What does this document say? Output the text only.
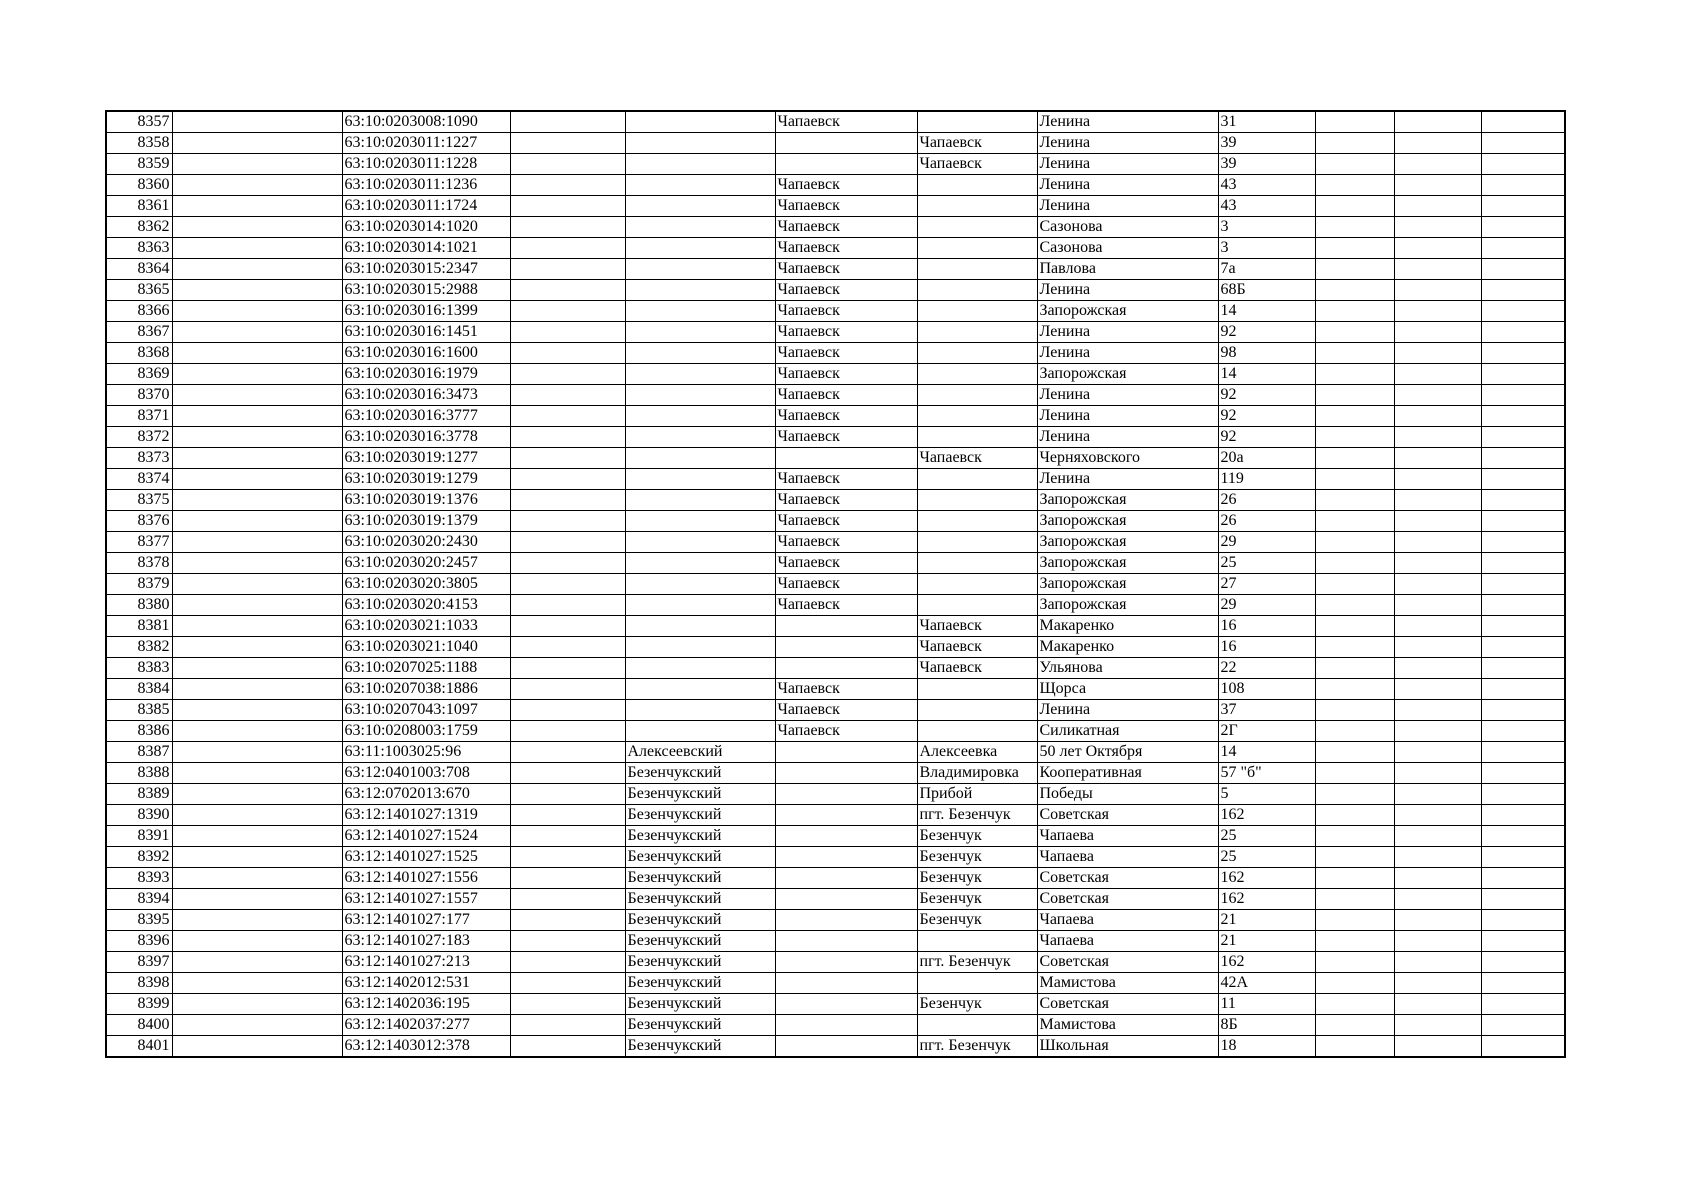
8357		63:10:0203008:1090			Чапаевск		Ленина	31			
8358		63:10:0203011:1227				Чапаевск	Ленина	39			
8359		63:10:0203011:1228				Чапаевск	Ленина	39			
8360		63:10:0203011:1236			Чапаевск		Ленина	43			
8361		63:10:0203011:1724			Чапаевск		Ленина	43			
8362		63:10:0203014:1020			Чапаевск		Сазонова	3			
8363		63:10:0203014:1021			Чапаевск		Сазонова	3			
8364		63:10:0203015:2347			Чапаевск		Павлова	7а			
8365		63:10:0203015:2988			Чапаевск		Ленина	68Б			
8366		63:10:0203016:1399			Чапаевск		Запорожская	14			
8367		63:10:0203016:1451			Чапаевск		Ленина	92			
8368		63:10:0203016:1600			Чапаевск		Ленина	98			
8369		63:10:0203016:1979			Чапаевск		Запорожская	14			
8370		63:10:0203016:3473			Чапаевск		Ленина	92			
8371		63:10:0203016:3777			Чапаевск		Ленина	92			
8372		63:10:0203016:3778			Чапаевск		Ленина	92			
8373		63:10:0203019:1277				Чапаевск	Черняховского	20а			
8374		63:10:0203019:1279			Чапаевск		Ленина	119			
8375		63:10:0203019:1376			Чапаевск		Запорожская	26			
8376		63:10:0203019:1379			Чапаевск		Запорожская	26			
8377		63:10:0203020:2430			Чапаевск		Запорожская	29			
8378		63:10:0203020:2457			Чапаевск		Запорожская	25			
8379		63:10:0203020:3805			Чапаевск		Запорожская	27			
8380		63:10:0203020:4153			Чапаевск		Запорожская	29			
8381		63:10:0203021:1033				Чапаевск	Макаренко	16			
8382		63:10:0203021:1040				Чапаевск	Макаренко	16			
8383		63:10:0207025:1188				Чапаевск	Ульянова	22			
8384		63:10:0207038:1886			Чапаевск		Щорса	108			
8385		63:10:0207043:1097			Чапаевск		Ленина	37			
8386		63:10:0208003:1759			Чапаевск		Силикатная	2Г			
8387		63:11:1003025:96		Алексеевский		Алексеевка	50 лет Октября	14			
8388		63:12:0401003:708		Безенчукский		Владимировка	Кооперативная	57 "б"			
8389		63:12:0702013:670		Безенчукский		Прибой	Победы	5			
8390		63:12:1401027:1319		Безенчукский		пгт. Безенчук	Советская	162			
8391		63:12:1401027:1524		Безенчукский		Безенчук	Чапаева	25			
8392		63:12:1401027:1525		Безенчукский		Безенчук	Чапаева	25			
8393		63:12:1401027:1556		Безенчукский		Безенчук	Советская	162			
8394		63:12:1401027:1557		Безенчукский		Безенчук	Советская	162			
8395		63:12:1401027:177		Безенчукский		Безенчук	Чапаева	21			
8396		63:12:1401027:183		Безенчукский			Чапаева	21			
8397		63:12:1401027:213		Безенчукский		пгт. Безенчук	Советская	162			
8398		63:12:1402012:531		Безенчукский			Мамистова	42А			
8399		63:12:1402036:195		Безенчукский		Безенчук	Советская	11			
8400		63:12:1402037:277		Безенчукский			Мамистова	8Б			
8401		63:12:1403012:378		Безенчукский		пгт. Безенчук	Школьная	18			
